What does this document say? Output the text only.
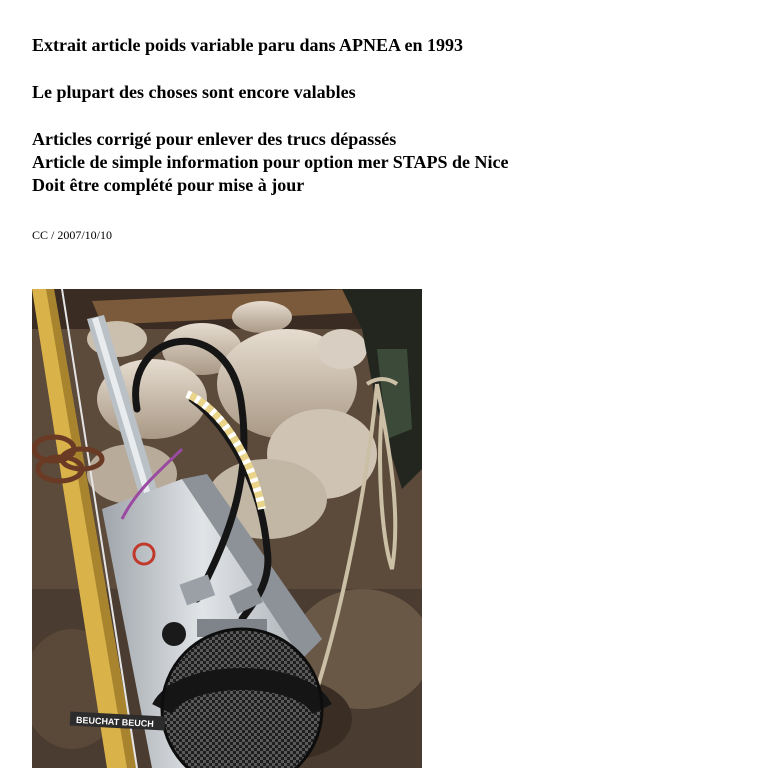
Extrait article poids variable paru dans APNEA en 1993
Le plupart des choses sont encore valables
Articles corrigé pour enlever des trucs dépassés
Article de simple information pour option mer STAPS de Nice
Doit être complété pour mise à jour
CC / 2007/10/10
BEUCHAT BEUCH
